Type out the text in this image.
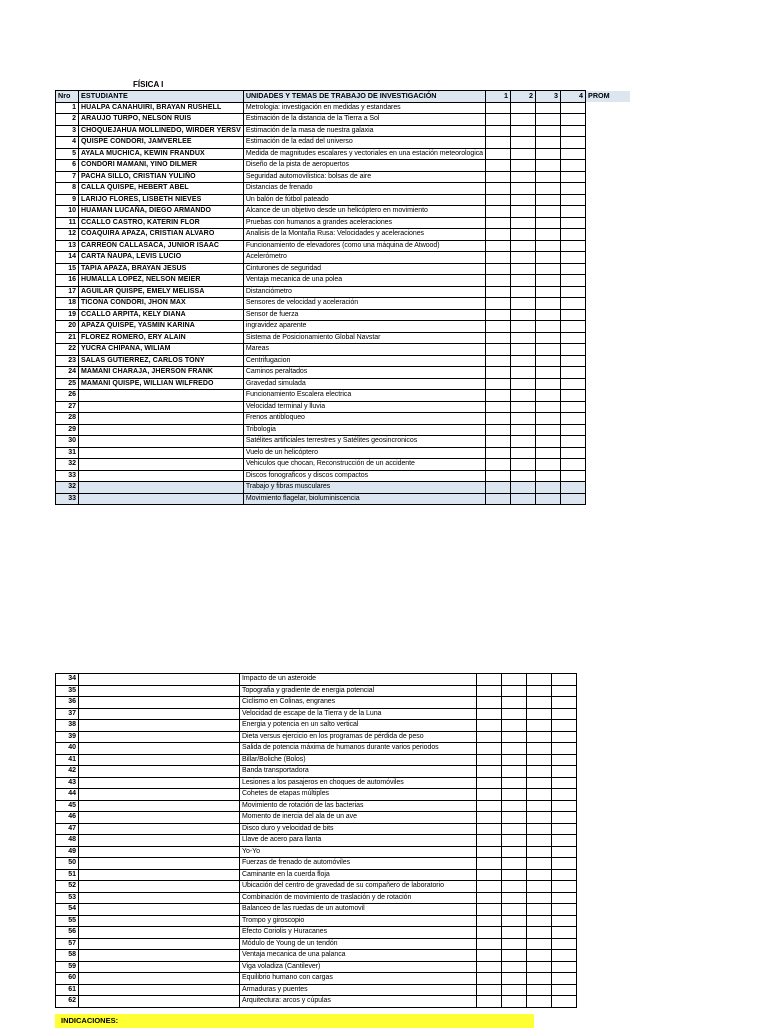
FÍSICA I
Nro	ESTUDIANTE	UNIDADES Y TEMAS DE TRABAJO DE INVESTIGACIÓN	1	2	3	4	PROM
1	HUALPA CANAHUIRI, BRAYAN RUSHELL	Metrologia: investigación en medidas y estandares					
2	ARAUJO TURPO, NELSON RUIS	Estimación de la distancia de la Tierra a Sol					
3	CHOQUEJAHUA MOLLINEDO, WIRDER YERSV	Estimación de la masa de nuestra galaxia					
4	QUISPE CONDORI, JAMVERLEE	Estimación de la edad del universo					
5	AYALA MUCHICA, KEWIN FRANDUX	Medida de magnitudes escalares y vectoriales en una estación meteorologica					
6	CONDORI MAMANI, YINO DILMER	Diseño de la pista de aeropuertos					
7	PACHA SILLO, CRISTIAN YULIÑO	Seguridad automovilistica: bolsas de aire					
8	CALLA QUISPE, HEBERT ABEL	Distancias de frenado					
9	LARIJO FLORES, LISBETH NIEVES	Un balón de fútbol pateado					
10	HUAMAN LUCAÑA, DIEGO ARMANDO	Alcance de un objetivo desde un helicóptero en movimiento					
11	CCALLO CASTRO, KATERIN FLOR	Pruebas con humanos a grandes aceleraciones					
12	COAQUIRA APAZA, CRISTIAN ALVARO	Analisis de la Montaña Rusa: Velocidades y aceleraciones					
13	CARREON CALLASACA, JUNIOR ISAAC	Funcionamiento de elevadores (como una máquina de Atwood)					
14	CARTA ÑAUPA, LEVIS LUCIO	Acelerómetro					
15	TAPIA APAZA, BRAYAN JESUS	Cinturones de seguridad					
16	HUMALLA LOPEZ, NELSON MEIER	Ventaja mecanica de una polea					
17	AGUILAR QUISPE, EMELY MELISSA	Distanciómetro					
18	TICONA CONDORI, JHON MAX	Sensores de velocidad y aceleración					
19	CCALLO ARPITA, KELY DIANA	Sensor de fuerza					
20	APAZA QUISPE, YASMIN KARINA	ingravidez aparente					
21	FLOREZ ROMERO, ERY ALAIN	Sistema de Posicionamiento Global Navstar					
22	YUCRA CHIPANA, WILIAM	Mareas					
23	SALAS GUTIERREZ, CARLOS TONY	Centrifugacion					
24	MAMANI CHARAJA, JHERSON FRANK	Caminos peraltados					
25	MAMANI QUISPE, WILLIAN WILFREDO	Gravedad simulada					
26		Funcionamiento Escalera electrica					
27		Velocidad terminal y lluvia					
28		Frenos antibloqueo					
29		Tribologia					
30		Satélites artificiales terrestres y Satélites geosincronicos					
31		Vuelo de un helicóptero					
32		Vehiculos que chocan, Reconstrucción de un accidente					
33		Discos fonograficos y discos compactos					
32		Trabajo y fibras musculares					
33		Movimiento flagelar, bioluminiscencia					
34		Impacto de un asteroide				
35		Topografia y gradiente de energia potencial				
36		Ciclismo en Colinas, engranes				
37		Velocidad de escape de la Tierra y de la Luna				
38		Energia y potencia en un salto vertical				
39		Dieta versus ejercicio en los programas de pérdida de peso				
40		Salida de potencia máxima de humanos durante varios periodos				
41		Billar/Boliche (Bolos)				
42		Banda transportadora				
43		Lesiones a los pasajeros en choques de automóviles				
44		Cohetes de etapas múltiples				
45		Movimiento de rotación de las bacterias				
46		Momento de inercia del ala de un ave				
47		Disco duro y velocidad de bits				
48		Llave de acero para llanta				
49		Yo-Yo				
50		Fuerzas de frenado de automóviles				
51		Caminante en la cuerda floja				
52		Ubicación del centro de gravedad de su compañero de laboratorio				
53		Combinación de movimiento de traslación y de rotación				
54		Balanceo de las ruedas de un automovil				
55		Trompo y giroscopio				
56		Efecto Coriolis y Huracanes				
57		Módulo de Young de un tendón				
58		Ventaja mecanica de una palanca				
59		Viga voladiza (Cantilever)				
60		Equilibrio humano con cargas				
61		Armaduras y puentes				
62		Arquitectura: arcos y cúpulas				
INDICACIONES:
